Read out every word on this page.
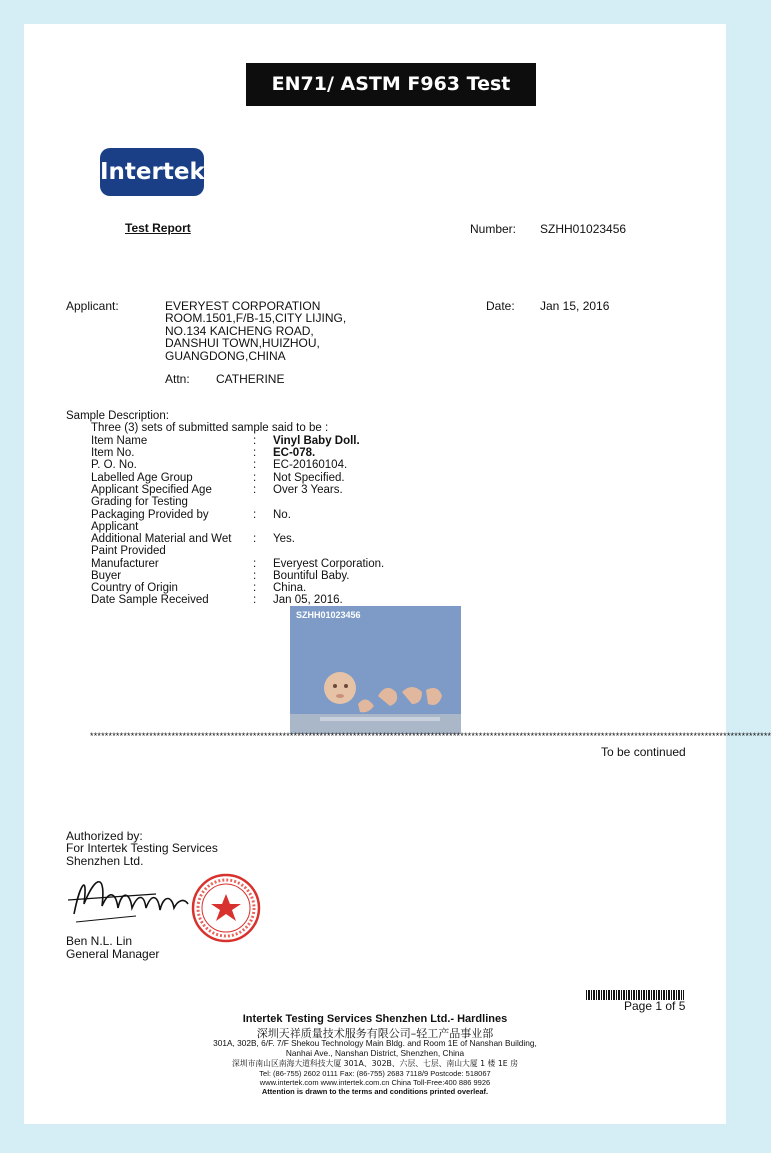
EN71/ ASTM F963 Test Report
Intertek
Test Report	Number: SZHH01023456
Applicant:	EVERYEST CORPORATION
ROOM.1501,F/B-15,CITY LIJING,
NO.134 KAICHENG ROAD,
DANSHUI TOWN,HUIZHOU,
GUANGDONG,CHINA
Date: Jan 15, 2016
Attn: CATHERINE
Sample Description:
Three (3) sets of submitted sample said to be :
Item Name	: Vinyl Baby Doll.
Item No.	: EC-078.
P. O. No.	: EC-20160104.
Labelled Age Group	: Not Specified.
Applicant Specified Age
Grading for Testing
: Over 3 Years.
Packaging Provided by
Applicant
: No.
Additional Material and Wet
Paint Provided
: Yes.
Manufacturer	: Everyest Corporation.
Buyer	: Bountiful Baby.
Country of Origin	: China.
Date Sample Received	: Jan 05, 2016.
SZHH01023456
****************************************************************************************************************************************************************************************
To be continued
Authorized by:
For Intertek Testing Services
Shenzhen Ltd.
Ben N.L. Lin
General Manager
Page 1 of 5
Intertek Testing Services Shenzhen Ltd.- Hardlines
深圳天祥质量技术服务有限公司–轻工产品事业部
301A, 302B, 6/F. 7/F Shekou Technology Main Bldg. and Room 1E of Nanshan Building,
Nanhai Ave., Nanshan District, Shenzhen, China
深圳市南山区南海大道科技大厦 301A、302B、六层、七层、南山大厦 1 楼 1E 房
Tel: (86-755) 2602 0111 Fax: (86-755) 2683 7118/9 Postcode: 518067
www.intertek.com www.intertek.com.cn China Toll-Free:400 886 9926
Attention is drawn to the terms and conditions printed overleaf.
